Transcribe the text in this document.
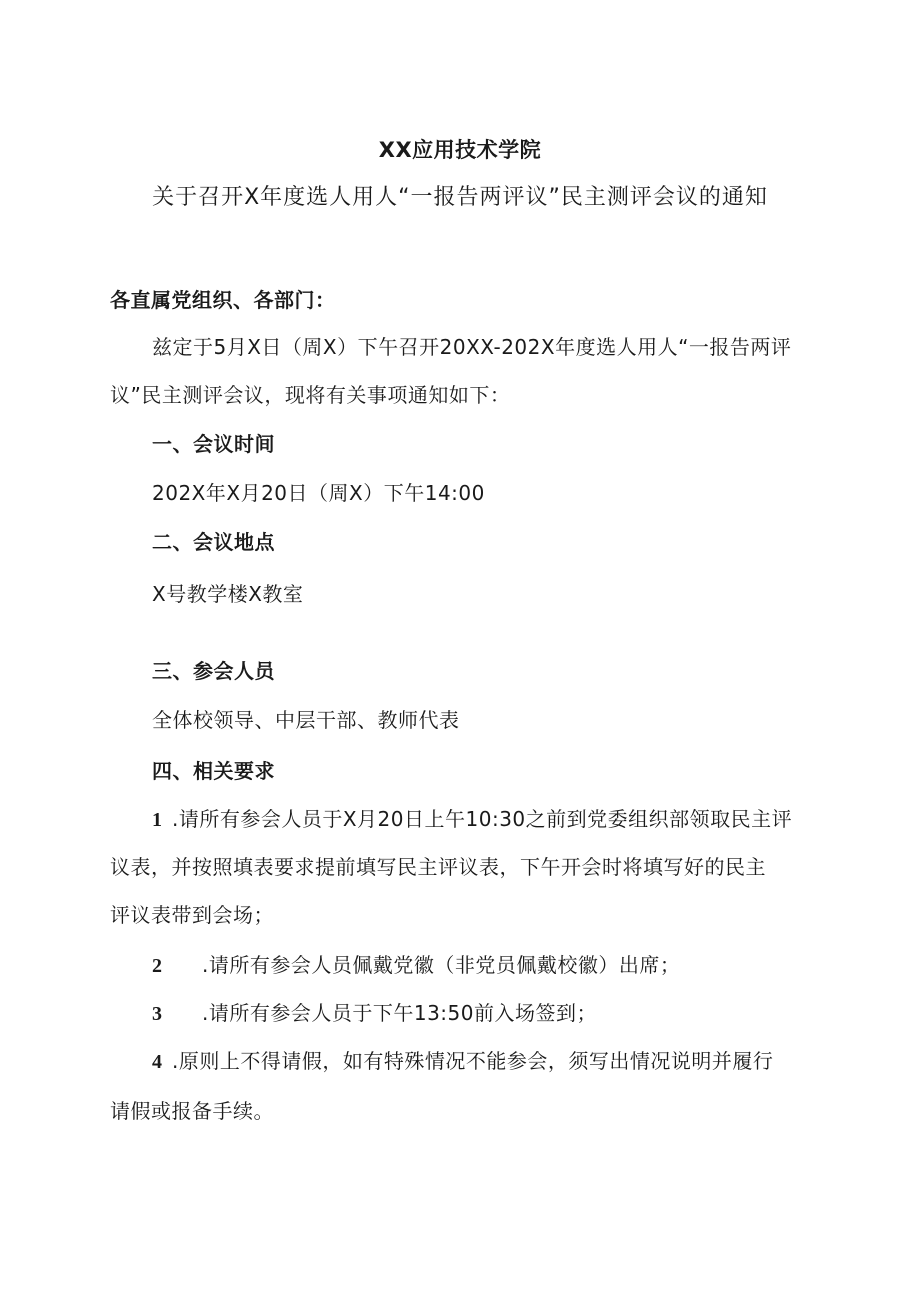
XX应用技术学院
关于召开X年度选人用人“一报告两评议”民主测评会议的通知
各直属党组织、各部门：
兹定于5月X日（周X）下午召开20XX-202X年度选人用人“一报告两评
议”民主测评会议，现将有关事项通知如下：
一、会议时间
202X年X月20日（周X）下午14:00
二、会议地点
X号教学楼X教室
三、参会人员
全体校领导、中层干部、教师代表
四、相关要求
1 .请所有参会人员于X月20日上午10:30之前到党委组织部领取民主评
议表，并按照填表要求提前填写民主评议表，下午开会时将填写好的民主
评议表带到会场；
2 .请所有参会人员佩戴党徽（非党员佩戴校徽）出席；
3 .请所有参会人员于下午13:50前入场签到；
4 .原则上不得请假，如有特殊情况不能参会，须写出情况说明并履行
请假或报备手续。
